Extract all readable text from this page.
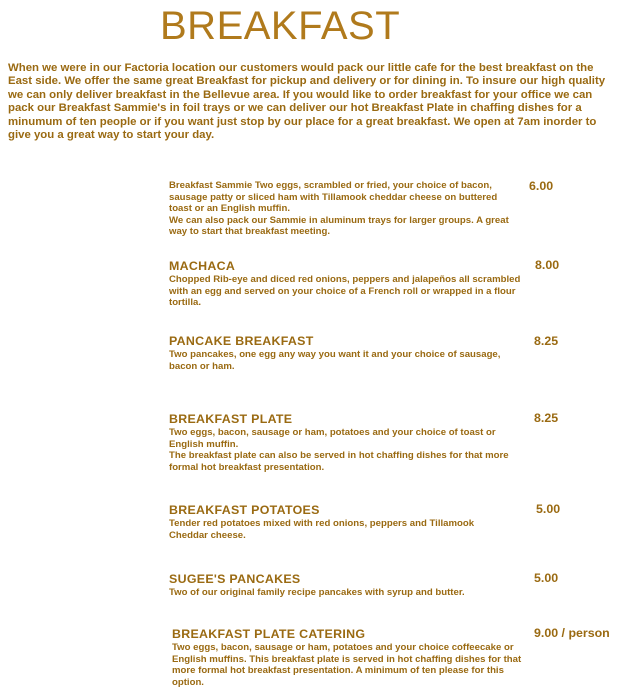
BREAKFAST

When we were in our Factoria location our customers would pack our little cafe for the best breakfast on the East side. We offer the same great Breakfast for pickup and delivery or for dining in. To insure our high quality we can only deliver breakfast in the Bellevue area. If you would like to order breakfast for your office we can pack our Breakfast Sammie's in foil trays or we can deliver our hot Breakfast Plate in chaffing dishes for a minumum of ten people or if you want just stop by our place for a great breakfast. We open at 7am inorder to give you a great way to start your day.

Breakfast Sammie Two eggs, scrambled or fried, your choice of bacon, sausage patty or sliced ham with Tillamook cheddar cheese on buttered toast or an English muffin.
We can also pack our Sammie in aluminum trays for larger groups. A great way to start that breakfast meeting.

6.00
MACHACA

Chopped Rib-eye and diced red onions, peppers and jalapeños all scrambled with an egg and served on your choice of a French roll or wrapped in a flour tortilla.

8.00
PANCAKE BREAKFAST

Two pancakes, one egg any way you want it and your choice of sausage, bacon or ham.

8.25
BREAKFAST PLATE

Two eggs, bacon, sausage or ham, potatoes and your choice of toast or English muffin.
The breakfast plate can also be served in hot chaffing dishes for that more formal hot breakfast presentation.

8.25
BREAKFAST POTATOES

Tender red potatoes mixed with red onions, peppers and Tillamook Cheddar cheese.

5.00
SUGEE'S PANCAKES

Two of our original family recipe pancakes with syrup and butter.

5.00
BREAKFAST PLATE CATERING

Two eggs, bacon, sausage or ham, potatoes and your choice coffeecake or English muffins. This breakfast plate is served in hot chaffing dishes for that more formal hot breakfast presentation. A minimum of ten please for this option.

9.00 / person
